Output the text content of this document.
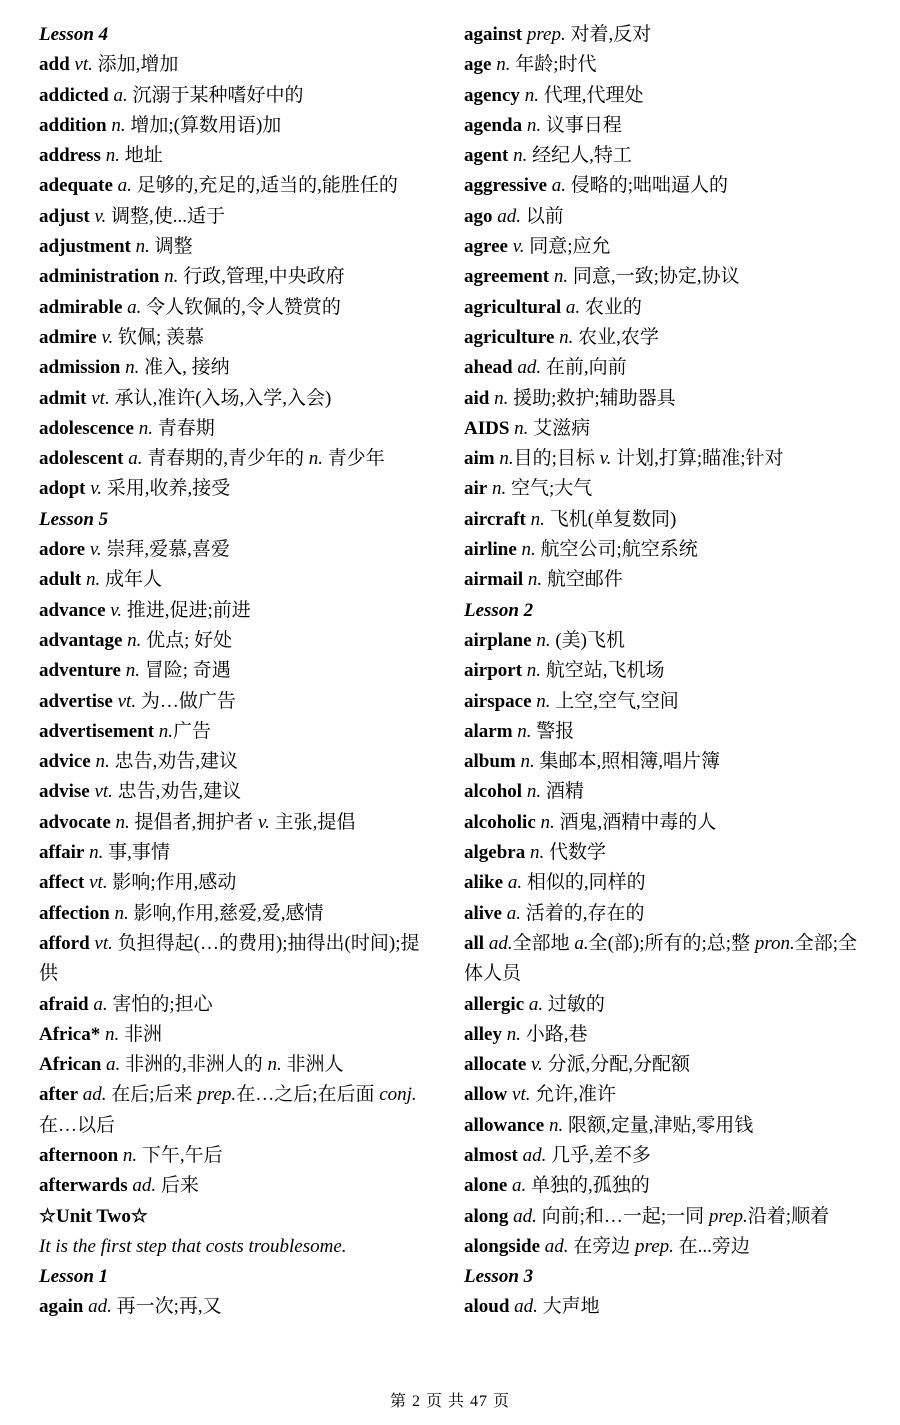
Lesson 4
add vt. 添加,增加
addicted a. 沉溺于某种嗜好中的
addition n. 增加;(算数用语)加
address n. 地址
adequate a. 足够的,充足的,适当的,能胜任的
adjust v. 调整,使...适于
adjustment n. 调整
administration n. 行政,管理,中央政府
admirable a. 令人钦佩的,令人赞赏的
admire v. 钦佩; 羡慕
admission n. 准入, 接纳
admit vt. 承认,准许(入场,入学,入会)
adolescence n. 青春期
adolescent a. 青春期的,青少年的 n. 青少年
adopt v. 采用,收养,接受
Lesson 5
adore v. 崇拜,爱慕,喜爱
adult n. 成年人
advance v. 推进,促进;前进
advantage n. 优点; 好处
adventure n. 冒险; 奇遇
advertise vt. 为…做广告
advertisement n.广告
advice n. 忠告,劝告,建议
advise vt. 忠告,劝告,建议
advocate n. 提倡者,拥护者 v. 主张,提倡
affair n. 事,事情
affect vt. 影响;作用,感动
affection n. 影响,作用,慈爱,爱,感情
afford vt. 负担得起(…的费用);抽得出(时间);提供
afraid a. 害怕的;担心
Africa* n. 非洲
African a. 非洲的,非洲人的 n. 非洲人
after ad. 在后;后来 prep.在…之后;在后面 conj. 在…以后
afternoon n. 下午,午后
afterwards ad. 后来
☆Unit Two☆
It is the first step that costs troublesome.
Lesson 1
again ad. 再一次;再,又
against prep. 对着,反对
age n. 年龄;时代
agency n. 代理,代理处
agenda n. 议事日程
agent n. 经纪人,特工
aggressive a. 侵略的;咄咄逼人的
ago ad. 以前
agree v. 同意;应允
agreement n. 同意,一致;协定,协议
agricultural a. 农业的
agriculture n. 农业,农学
ahead ad. 在前,向前
aid n. 援助;救护;辅助器具
AIDS n. 艾滋病
aim n.目的;目标 v. 计划,打算;瞄准;针对
air n. 空气;大气
aircraft n. 飞机(单复数同)
airline n. 航空公司;航空系统
airmail n. 航空邮件
Lesson 2
airplane n. (美)飞机
airport n. 航空站,飞机场
airspace n. 上空,空气,空间
alarm n. 警报
album n. 集邮本,照相簿,唱片簿
alcohol n. 酒精
alcoholic n. 酒鬼,酒精中毒的人
algebra n. 代数学
alike a. 相似的,同样的
alive a. 活着的,存在的
all ad.全部地 a.全(部);所有的;总;整 pron.全部;全体人员
allergic a. 过敏的
alley n. 小路,巷
allocate v. 分派,分配,分配额
allow vt. 允许,准许
allowance n. 限额,定量,津贴,零用钱
almost ad. 几乎,差不多
alone a. 单独的,孤独的
along ad. 向前;和…一起;一同 prep.沿着;顺着
alongside ad. 在旁边 prep. 在...旁边
Lesson 3
aloud ad. 大声地
第 2 页 共 47 页
